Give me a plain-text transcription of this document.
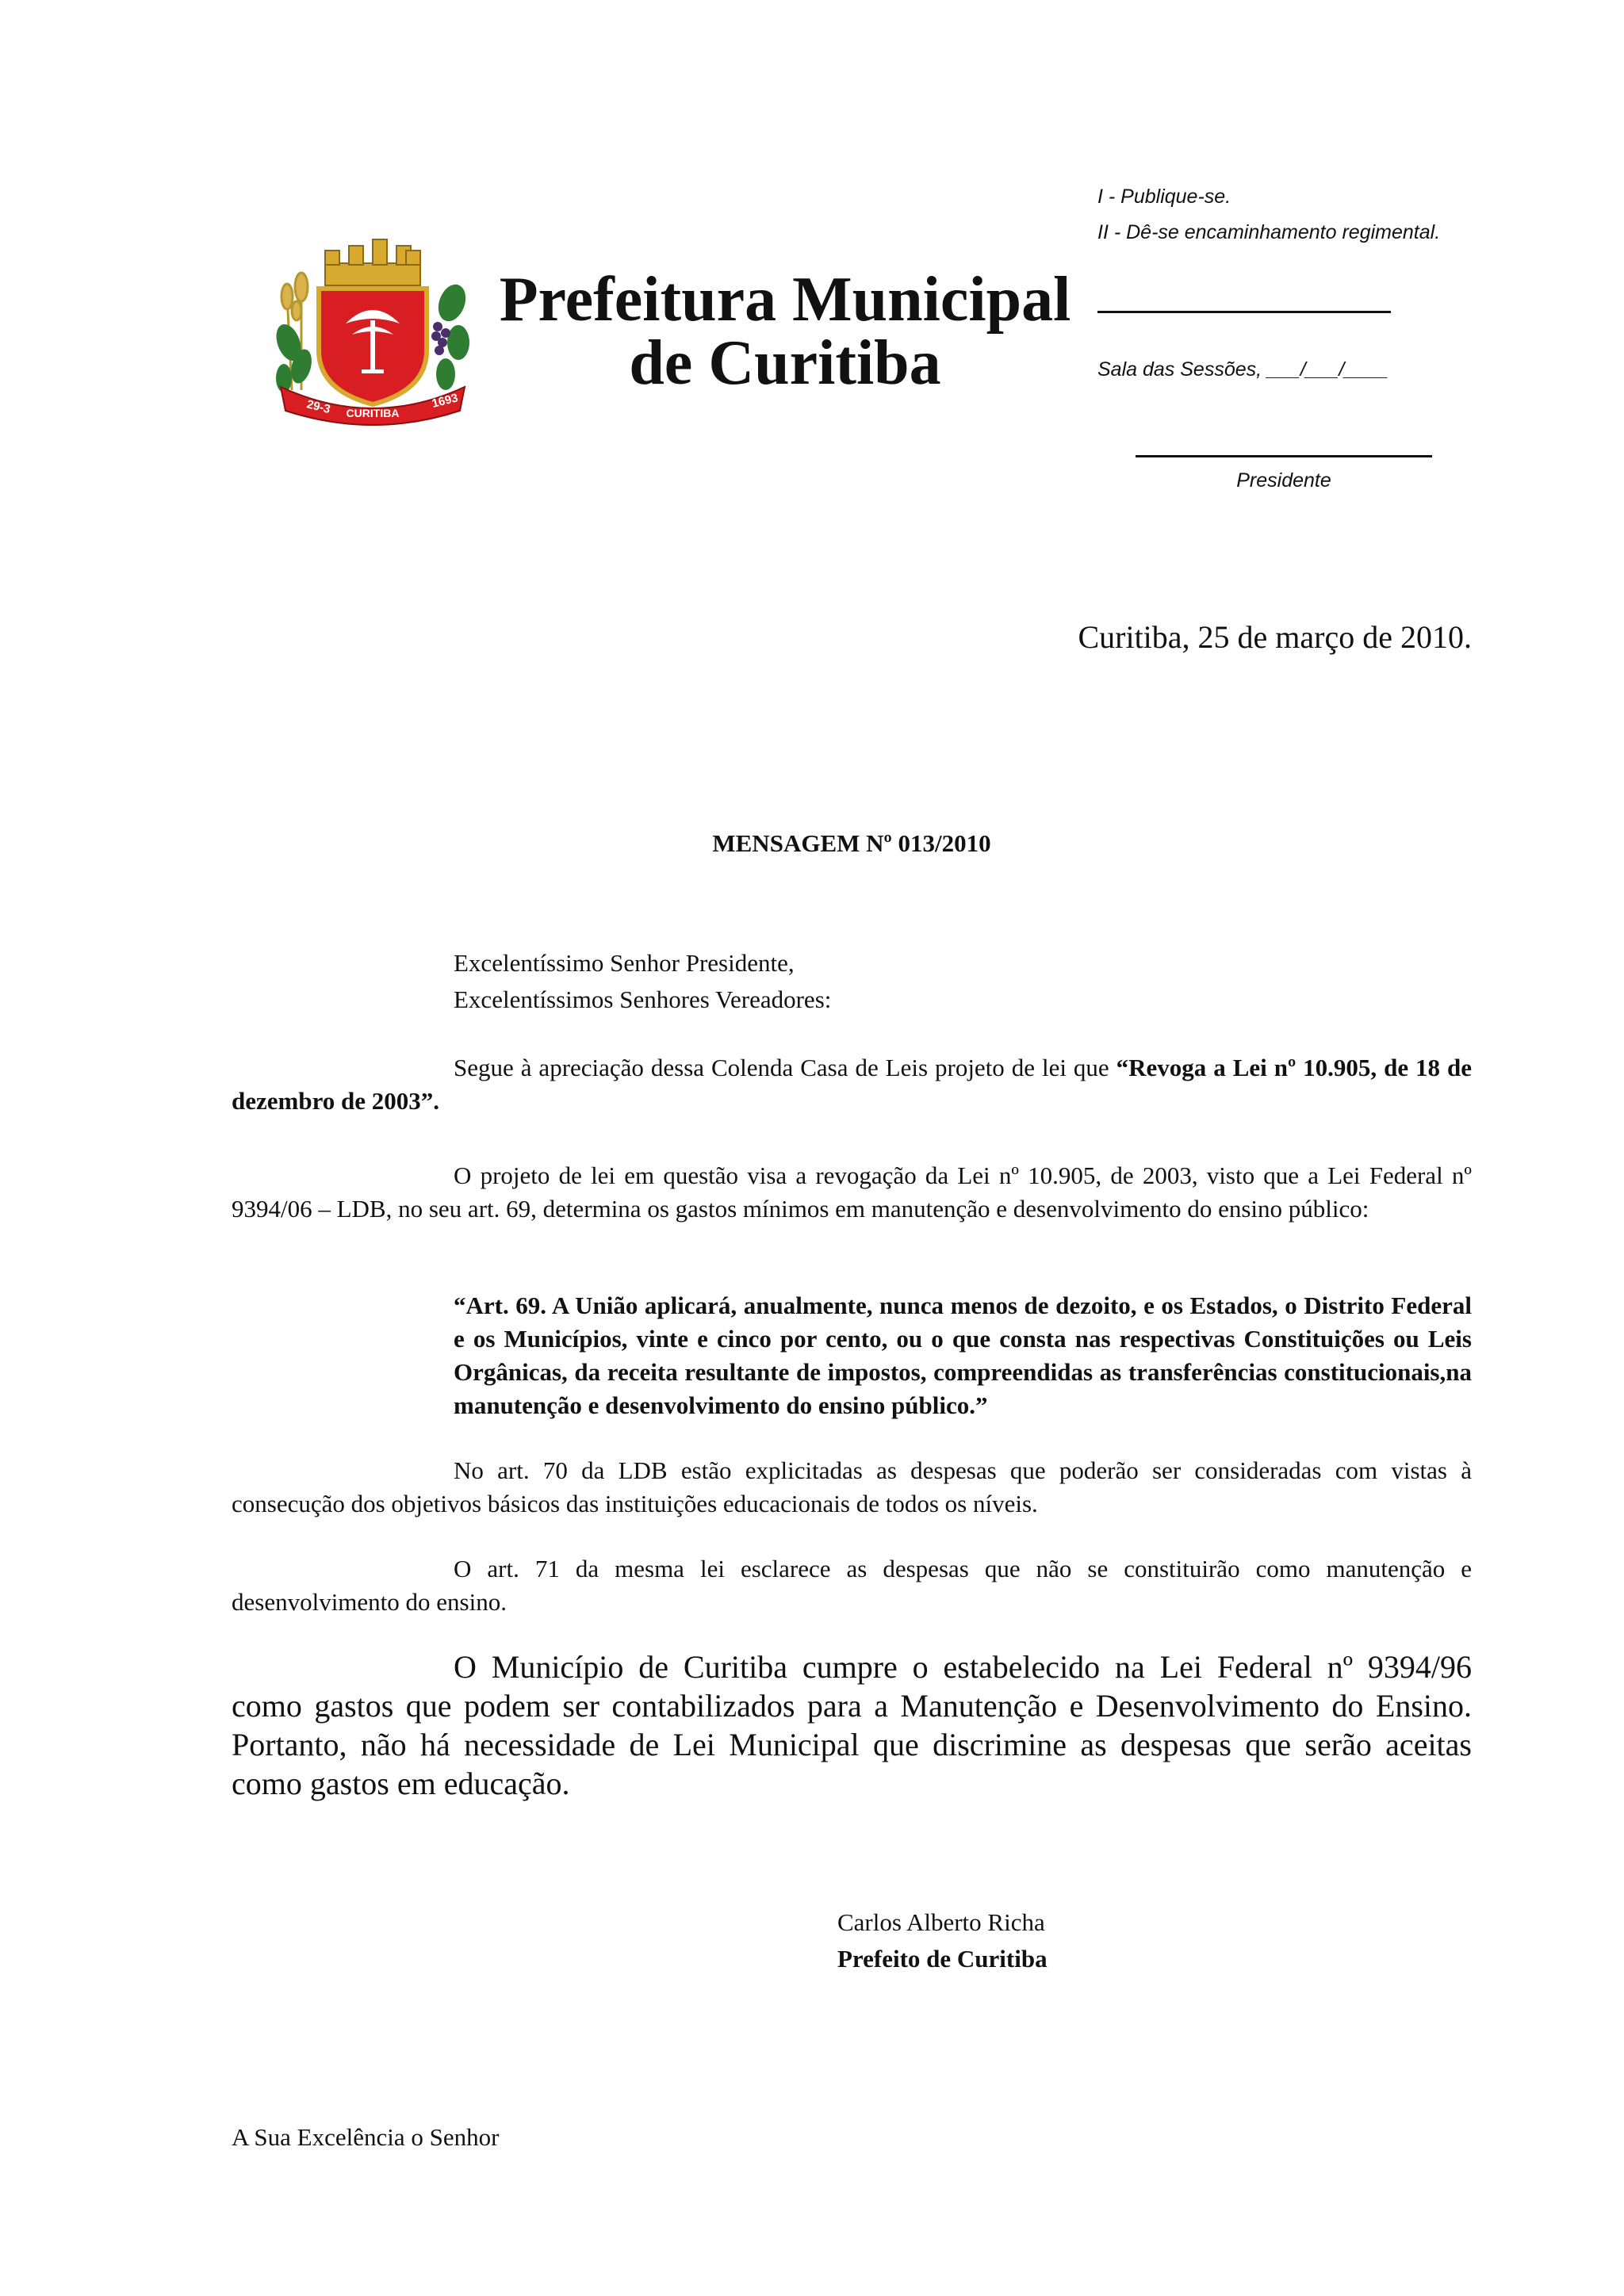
29-3 CURITIBA
1693
Prefeitura Municipal
de Curitiba
I - Publique-se.
II - Dê-se encaminhamento regimental.
Sala das Sessões, ___/___/____
Presidente
Curitiba, 25 de março de 2010.
MENSAGEM Nº 013/2010
Excelentíssimo Senhor Presidente,
Excelentíssimos Senhores Vereadores:
Segue à apreciação dessa Colenda Casa de Leis projeto de lei que “Revoga a Lei nº 10.905, de 18 de dezembro de 2003”.
O projeto de lei em questão visa a revogação da Lei nº 10.905, de 2003, visto que a Lei Federal nº 9394/06 – LDB, no seu art. 69, determina os gastos mínimos em manutenção e desenvolvimento do ensino público:
“Art. 69. A União aplicará, anualmente, nunca menos de dezoito, e os Estados, o Distrito Federal e os Municípios, vinte e cinco por cento, ou o que consta nas respectivas Constituições ou Leis Orgânicas, da receita resultante de impostos, compreendidas as transferências constitucionais,na manutenção e desenvolvimento do ensino público.”
No art. 70 da LDB estão explicitadas as despesas que poderão ser consideradas com vistas à consecução dos objetivos básicos das instituições educacionais de todos os níveis.
O art. 71 da mesma lei esclarece as despesas que não se constituirão como manutenção e desenvolvimento do ensino.
O Município de Curitiba cumpre o estabelecido na Lei Federal nº 9394/96 como gastos que podem ser contabilizados para a Manutenção e Desenvolvimento do Ensino. Portanto, não há necessidade de Lei Municipal que discrimine as despesas que serão aceitas como gastos em educação.
Carlos Alberto Richa
Prefeito de Curitiba
A Sua Excelência o Senhor
